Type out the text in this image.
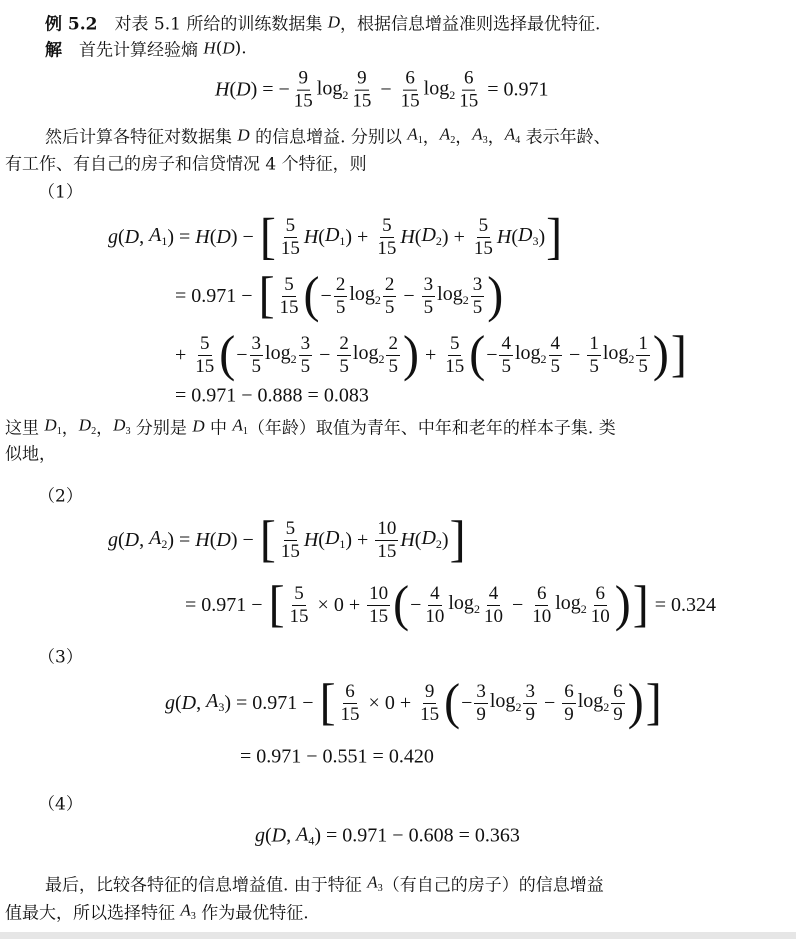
例 5.2 　对表 5.1 所给的训练数据集 D ，根据信息增益准则选择最优特征.
解 　首先计算经验熵 H ( D ).
H ( D ) = − $\frac{9}{15} \log_2 \frac{9}{15} - \frac{6}{15} \log_2 \frac{6}{15} = 0.971$
然后计算各特征对数据集 D 的信息增益. 分别以 $A_1$ ， $A_2$ ， $A_3$ ， $A_4$ 表示年龄、
有工作、有自己的房子和信贷情况 4 个特征，则
（1）
g ( D , $A_1$ ) = H ( D ) − [ $\frac{5}{15}$ H ( $D_1$ ) + $\frac{5}{15}$ H ( $D_2$ ) + $\frac{5}{15}$ H ( $D_3$ ) ]
= 0.971 − [ $\frac{5}{15}$ ( − $\frac{2}{5} \log_2 \frac{2}{5} - \frac{3}{5} \log_2 \frac{3}{5}$ )
+ $\frac{5}{15}$ ( − $\frac{3}{5} \log_2 \frac{3}{5} - \frac{2}{5} \log_2 \frac{2}{5}$ ) + $\frac{5}{15}$ ( − $\frac{4}{5} \log_2 \frac{4}{5} - \frac{1}{5} \log_2 \frac{1}{5}$ ) ]
= 0.971 − 0.888 = 0.083
这里 $D_1$ ， $D_2$ ， $D_3$ 分别是 D 中 $A_1$ （年龄）取值为青年、中年和老年的样本子集. 类
似地，
（2）
g ( D , $A_2$ ) = H ( D ) − [ $\frac{5}{15}$ H ( $D_1$ ) + $\frac{10}{15}$ H ( $D_2$ ) ]
= 0.971 − [ $\frac{5}{15} \times 0 + \frac{10}{15}$ ( − $\frac{4}{10} \log_2 \frac{4}{10} - \frac{6}{10} \log_2 \frac{6}{10}$ ) ] = 0.324
（3）
g ( D , $A_3$ ) = 0.971 − [ $\frac{6}{15} \times 0 + \frac{9}{15}$ ( − $\frac{3}{9} \log_2 \frac{3}{9} - \frac{6}{9} \log_2 \frac{6}{9}$ ) ]
= 0.971 − 0.551 = 0.420
（4）
g ( D , $A_4$ ) = 0.971 − 0.608 = 0.363
最后，比较各特征的信息增益值. 由于特征 $A_3$ （有自己的房子）的信息增益
值最大，所以选择特征 $A_3$ 作为最优特征.
